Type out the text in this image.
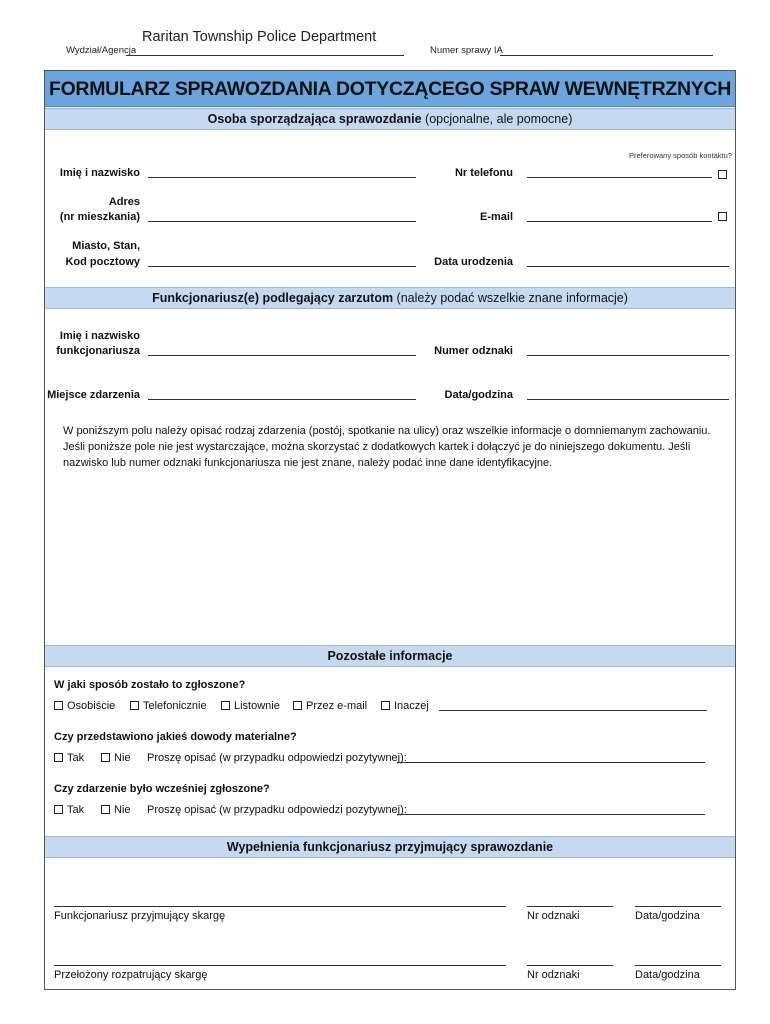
Raritan Township Police Department
Wydział/Agencja	Numer sprawy IA
FORMULARZ SPRAWOZDANIA DOTYCZĄCEGO SPRAW WEWNĘTRZNYCH
Osoba sporządzająca sprawozdanie (opcjonalne, ale pomocne)
Preferowany sposób kontaktu?
Imię i nazwisko	Nr telefonu
Adres
(nr mieszkania)	E-mail
Miasto, Stan,
Kod pocztowy	Data urodzenia
Funkcjonariusz(e) podlegający zarzutom (należy podać wszelkie znane informacje)
Imię i nazwisko
funkcjonariusza	Numer odznaki
Miejsce zdarzenia	Data/godzina
W poniższym polu należy opisać rodzaj zdarzenia (postój, spotkanie na ulicy) oraz wszelkie informacje o domniemanym zachowaniu. Jeśli poniższe pole nie jest wystarczające, można skorzystać z dodatkowych kartek i dołączyć je do niniejszego dokumentu. Jeśli nazwisko lub numer odznaki funkcjonariusza nie jest znane, należy podać inne dane identyfikacyjne.
Pozostałe informacje
W jaki sposób zostało to zgłoszone?
Osobiście	Telefonicznie Listownie Przez e-mail Inaczej
Czy przedstawiono jakieś dowody materialne?
Tak	Nie Proszę opisać (w przypadku odpowiedzi pozytywnej):
Czy zdarzenie było wcześniej zgłoszone?
Tak	Nie Proszę opisać (w przypadku odpowiedzi pozytywnej):
Wypełnienia funkcjonariusz przyjmujący sprawozdanie
Funkcjonariusz przyjmujący skargę	Nr odznaki	Data/godzina
Przełożony rozpatrujący skargę	Nr odznaki	Data/godzina
